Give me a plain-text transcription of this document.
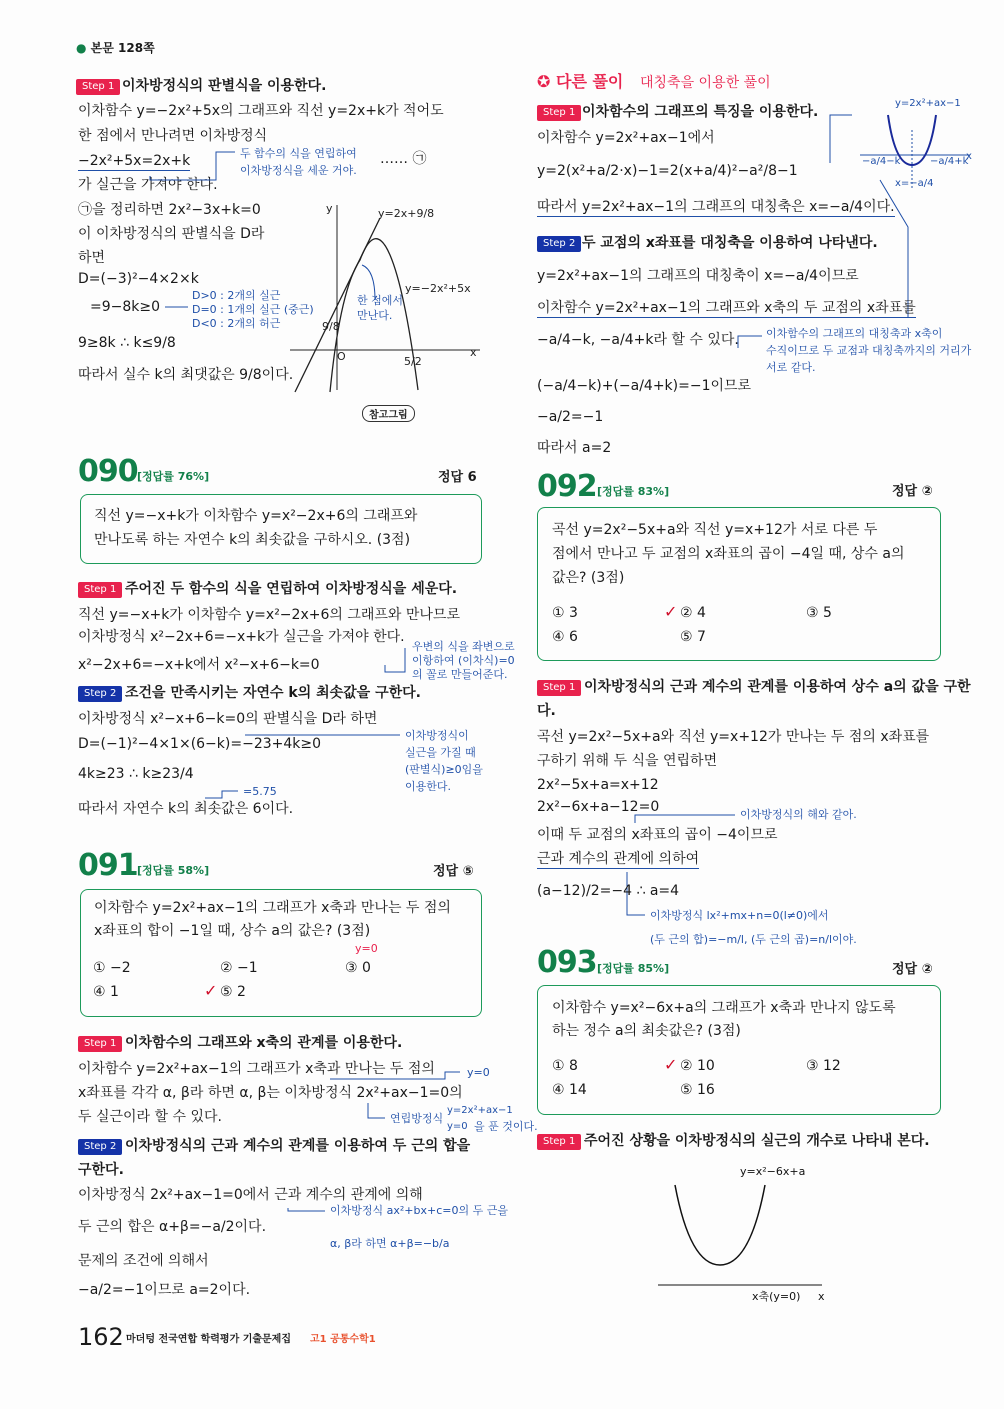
● 본문 128쪽
Step 1 이차방정식의 판별식을 이용한다.
이차함수 y=−2x²+5x의 그래프와 직선 y=2x+k가 적어도
한 점에서 만나려면 이차방정식
−2x²+5x=2x+k	두 함수의 식을 연립하여
이차방정식을 세운 거야.
…… ㉠
가 실근을 가져야 한다.
㉠을 정리하면 2x²−3x+k=0
이 이차방정식의 판별식을 D라
하면
D=(−3)²−4×2×k
=9−8k≥0
D>0 : 2개의 실근
D=0 : 1개의 실근 (중근)
D<0 : 2개의 허근
9≥8k ∴ k≤9/8
따라서 실수 k의 최댓값은 9/8이다.
y	y=2x+9/8
y=−2x²+5x
한 점에서
만난다.
9/8
O	5/2
x
참고그림
090 [정답률 76%]	정답 6
직선 y=−x+k가 이차함수 y=x²−2x+6의 그래프와
만나도록 하는 자연수 k의 최솟값을 구하시오. (3점)
Step 1 주어진 두 함수의 식을 연립하여 이차방정식을 세운다.
직선 y=−x+k가 이차함수 y=x²−2x+6의 그래프와 만나므로
이차방정식 x²−2x+6=−x+k가 실근을 가져야 한다.
x²−2x+6=−x+k에서 x²−x+6−k=0
우변의 식을 좌변으로
이항하여 (이차식)=0
의 꼴로 만들어준다.
Step 2 조건을 만족시키는 자연수 k의 최솟값을 구한다.
이차방정식 x²−x+6−k=0의 판별식을 D라 하면
D=(−1)²−4×1×(6−k)=−23+4k≥0
이차방정식이
실근을 가질 때
(판별식)≥0임을
이용한다.
4k≥23 ∴ k≥23/4
=5.75
따라서 자연수 k의 최솟값은 6이다.
091 [정답률 58%]	정답 ⑤
이차함수 y=2x²+ax−1의 그래프가 x축과 만나는 두 점의
x좌표의 합이 −1일 때, 상수 a의 값은? (3점)
y=0
① −2	② −1	③ 0
④ 1	⑤ 2
✓
Step 1 이차함수의 그래프와 x축의 관계를 이용한다.
이차함수 y=2x²+ax−1의 그래프가 x축과 만나는 두 점의	y=0
x좌표를 각각 α, β라 하면 α, β는 이차방정식 2x²+ax−1=0의
두 실근이라 할 수 있다.	연립방정식
y=2x²+ax−1
y=0 을 푼 것이다.
Step 2 이차방정식의 근과 계수의 관계를 이용하여 두 근의 합을
구한다.
이차방정식 2x²+ax−1=0에서 근과 계수의 관계에 의해
이차방정식 ax²+bx+c=0의 두 근을
α, β라 하면 α+β=−b/a
두 근의 합은 α+β=−a/2이다.
문제의 조건에 의해서
−a/2=−1이므로 a=2이다.
162 마더텅 전국연합 학력평가 기출문제집 고1 공통수학1
✪ 다른 풀이 대칭축을 이용한 풀이
Step 1 이차함수의 그래프의 특징을 이용한다.
이차함수 y=2x²+ax−1에서
y=2(x²+a/2·x)−1=2(x+a/4)²−a²/8−1
따라서 y=2x²+ax−1의 그래프의 대칭축은 x=−a/4이다.
y=2x²+ax−1
−a/4−k	−a/4+k
x=−a/4
x
Step 2 두 교점의 x좌표를 대칭축을 이용하여 나타낸다.
y=2x²+ax−1의 그래프의 대칭축이 x=−a/4이므로
이차함수 y=2x²+ax−1의 그래프와 x축의 두 교점의 x좌표를
−a/4−k, −a/4+k라 할 수 있다. 이차함수의 그래프의 대칭축과 x축이
수직이므로 두 교점과 대칭축까지의 거리가
서로 같다.
(−a/4−k)+(−a/4+k)=−1이므로
−a/2=−1
따라서 a=2
092 [정답률 83%]	정답 ②
곡선 y=2x²−5x+a와 직선 y=x+12가 서로 다른 두
점에서 만나고 두 교점의 x좌표의 곱이 −4일 때, 상수 a의
값은? (3점)
① 3	② 4	③ 5
④ 6	⑤ 7
✓
Step 1 이차방정식의 근과 계수의 관계를 이용하여 상수 a의 값을 구한
다.
곡선 y=2x²−5x+a와 직선 y=x+12가 만나는 두 점의 x좌표를
구하기 위해 두 식을 연립하면
2x²−5x+a=x+12
2x²−6x+a−12=0	이차방정식의 해와 같아.
이때 두 교점의 x좌표의 곱이 −4이므로
근과 계수의 관계에 의하여
(a−12)/2=−4 ∴ a=4
이차방정식 lx²+mx+n=0(l≠0)에서
(두 근의 합)=−m/l, (두 근의 곱)=n/l이야.
093 [정답률 85%]	정답 ②
이차함수 y=x²−6x+a의 그래프가 x축과 만나지 않도록
하는 정수 a의 최솟값은? (3점)
① 8	② 10	③ 12
④ 14	⑤ 16
✓
Step 1 주어진 상황을 이차방정식의 실근의 개수로 나타내 본다.
y=x²−6x+a
x축(y=0) x
